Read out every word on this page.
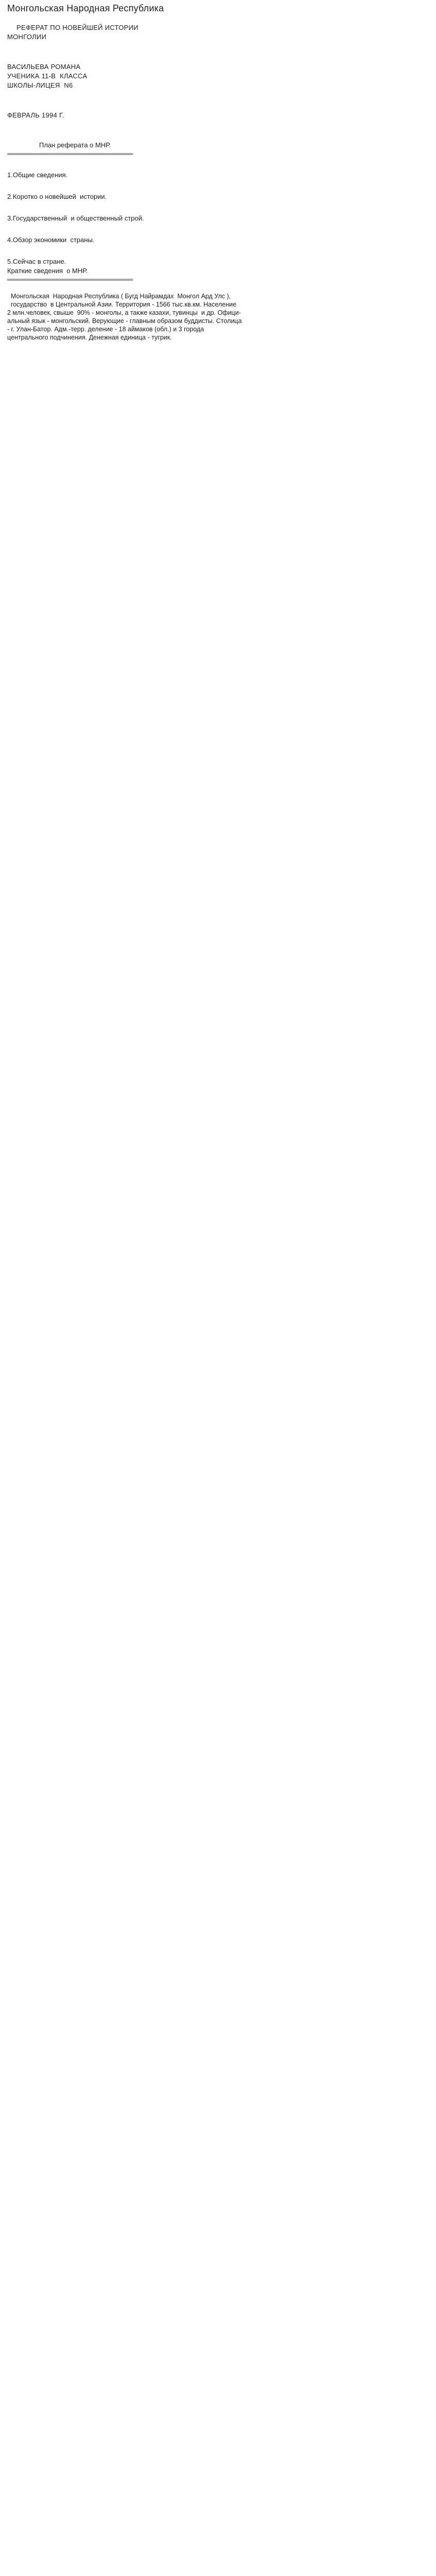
Монгольская Народная Республика
РЕФЕРАТ ПО НОВЕЙШЕЙ ИСТОРИИ
МОНГОЛИИ
ВАСИЛЬЕВА РОМАНА
УЧЕНИКА 11-В  КЛАССА
ШКОЛЫ-ЛИЦЕЯ  N6
ФЕВРАЛЬ 1994 Г.
План реферата о МНР.
════════════════════════════
1.Общие сведения.
2.Коротко о новейшей  истории.
3.Государственный  и общественный строй.
4.Обзор экономики  страны.
5.Сейчас в стране.
Краткие сведения  о МНР.
════════════════════════════
Монгольская  Народная Республика ( Бугд Найрамдах  Монгол Ард Улс ),
государство  в Центральной Азии. Территория - 1566 тыс.кв.км. Население
2 млн.человек, свыше  90% - монголы, а также казахи, тувинцы  и др. Офици-
альный язык - монгольский. Верующие - главным образом буддисты. Столица
- г. Улан-Батор. Адм.-терр. деление - 18 аймаков (обл.) и 3 города
центрального подчинения. Денежная единица - тугрик.
